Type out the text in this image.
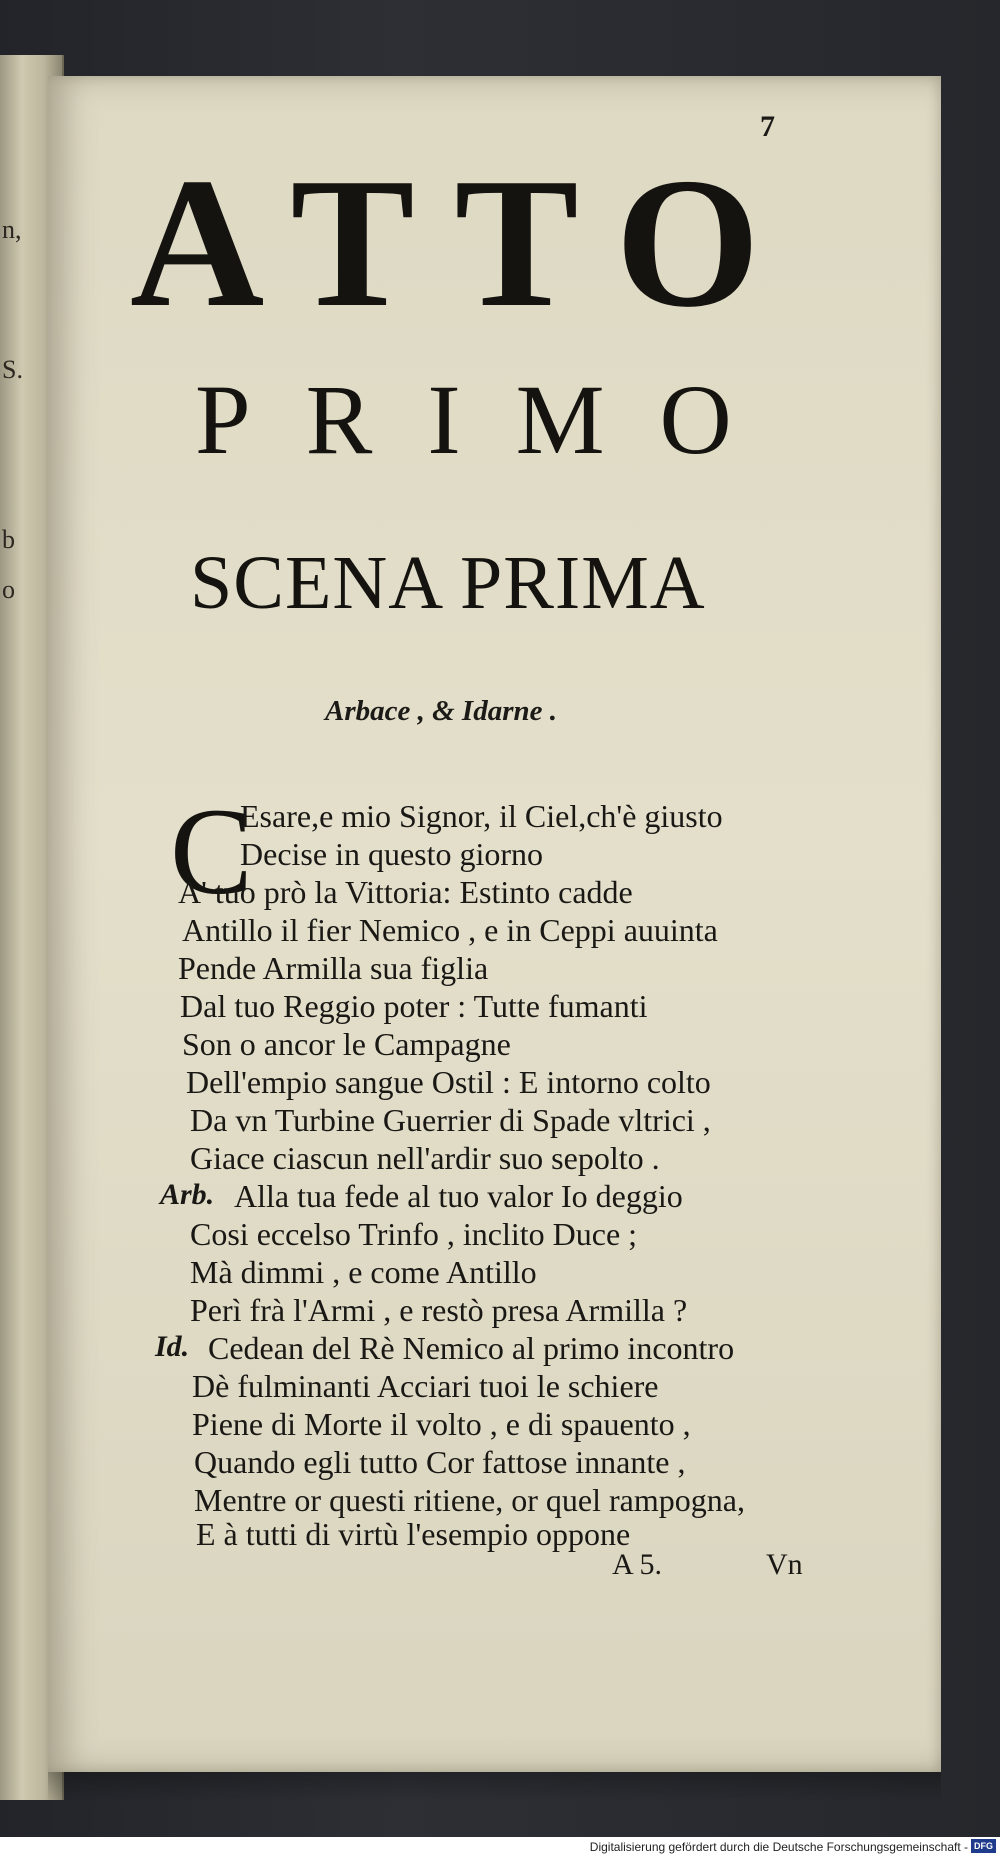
n,
S.
b
o
7
ATTO
PRIMO
SCENA PRIMA
Arbace , & Idarne .
C
Esare,e mio Signor, il Ciel,ch'è giusto
Decise in questo giorno
A' tuo prò la Vittoria: Estinto cadde
Antillo il fier Nemico , e in Ceppi auuinta
Pende Armilla sua figlia
Dal tuo Reggio poter : Tutte fumanti
Son o ancor le Campagne
Dell'empio sangue Ostil : E intorno colto
Da vn Turbine Guerrier di Spade vltrici ,
Giace ciascun nell'ardir suo sepolto .
Arb. Alla tua fede al tuo valor Io deggio
Cosi eccelso Trinfo , inclito Duce ;
Mà dimmi , e come Antillo
Perì frà l'Armi , e restò presa Armilla ?
Id. Cedean del Rè Nemico al primo incontro
Dè fulminanti Acciari tuoi le schiere
Piene di Morte il volto , e di spauento ,
Quando egli tutto Cor fattose innante ,
Mentre or questi ritiene, or quel rampogna,
E à tutti di virtù l'esempio oppone
A 5.	Vn
Digitalisierung gefördert durch die Deutsche Forschungsgemeinschaft - DFG
